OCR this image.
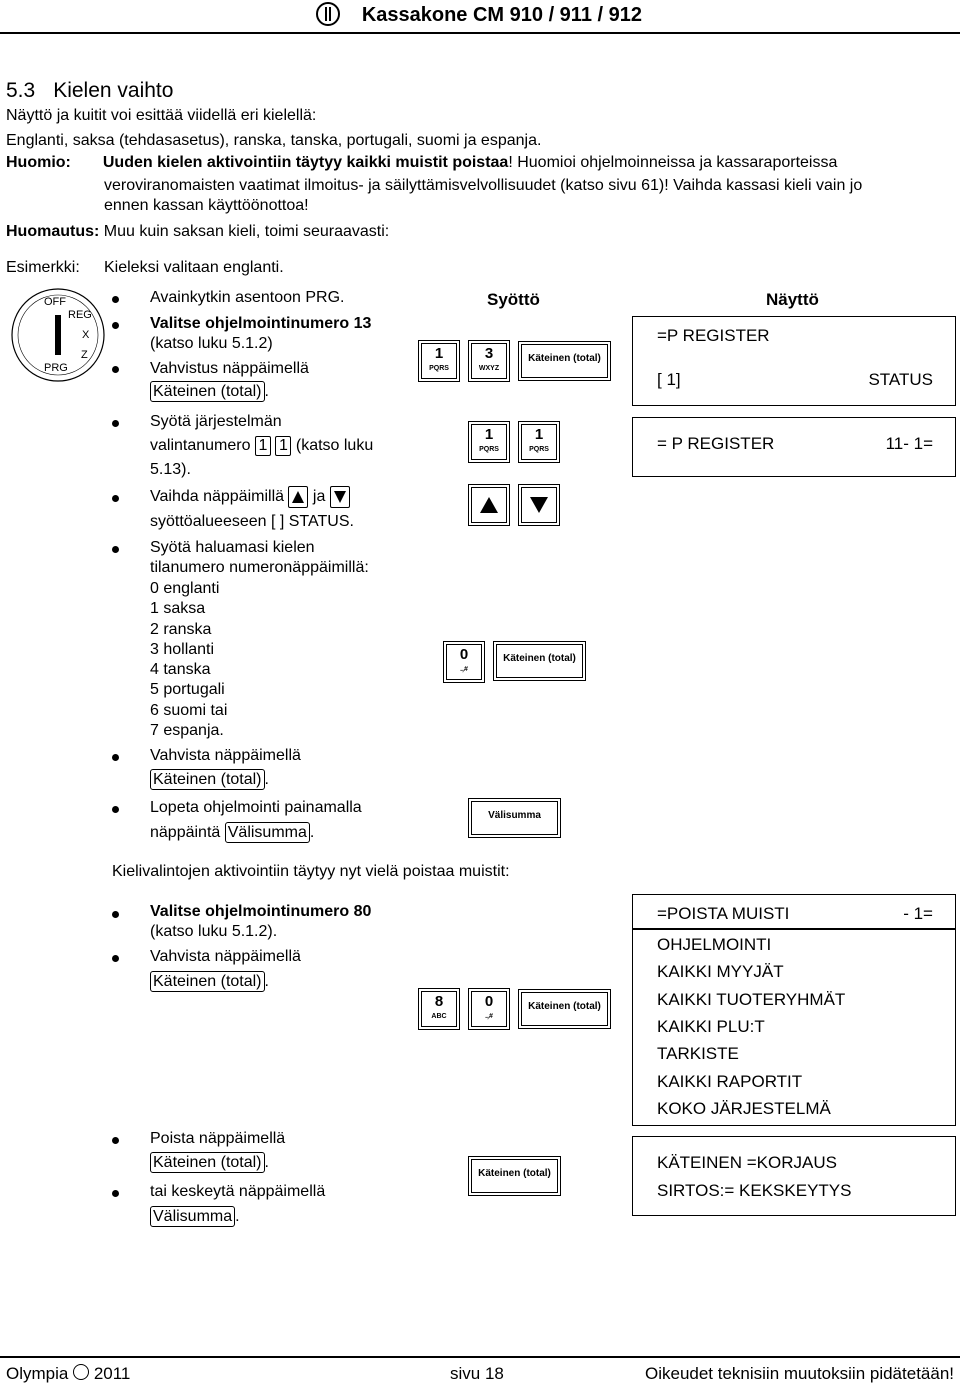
Kassakone CM 910 / 911 / 912
5.3 Kielen vaihto
Näyttö ja kuitit voi esittää viidellä eri kielellä:
Englanti, saksa (tehdasasetus), ranska, tanska, portugali, suomi ja espanja.
Huomio: Uuden kielen aktivointiin täytyy kaikki muistit poistaa! Huomioi ohjelmoinneissa ja kassaraporteissa
veroviranomaisten vaatimat ilmoitus- ja säilyttämisvelvollisuudet (katso sivu 61)! Vaihda kassasi kieli vain jo
ennen kassan käyttöönottoa!
Huomautus: Muu kuin saksan kieli, toimi seuraavasti:
Esimerkki: Kieleksi valitaan englanti.
OFF
REG
X
Z
PRG
Syöttö	Näyttö
Avainkytkin asentoon PRG.
Valitse ohjelmointinumero 13
(katso luku 5.1.2)
Vahvistus näppäimellä
Käteinen (total) .
Syötä järjestelmän
valintanumero 1 1 (katso luku
5.13).
Vaihda näppäimillä ja
syöttöalueeseen [ ] STATUS.
Syötä haluamasi kielen
tilanumero numeronäppäimillä:
0 englanti
1 saksa
2 ranska
3 hollanti
4 tanska
5 portugali
6 suomi tai
7 espanja.
Vahvista näppäimellä
Käteinen (total) .
Lopeta ohjelmointi painamalla
näppäintä Välisumma .
1
PQRS
3
WXYZ
Käteinen (total)
1
PQRS
1
PQRS
0
.,#
Käteinen (total)
Välisumma
=P REGISTER
[ 1]	STATUS
= P REGISTER	11- 1=
Kielivalintojen aktivointiin täytyy nyt vielä poistaa muistit:
Valitse ohjelmointinumero 80
(katso luku 5.1.2).
Vahvista näppäimellä
Käteinen (total) .
Poista näppäimellä
Käteinen (total) .
tai keskeytä näppäimellä
Välisumma .
8
ABC
0
.,#
Käteinen (total)
Käteinen (total)
=POISTA MUISTI	- 1=
OHJELMOINTI
KAIKKI MYYJÄT
KAIKKI TUOTERYHMÄT
KAIKKI PLU:T
TARKISTE
KAIKKI RAPORTIT
KOKO JÄRJESTELMÄ
KÄTEINEN =KORJAUS
SIRTOS:= KEKSKEYTYS
Olympia 2011	sivu 18	Oikeudet teknisiin muutoksiin pidätetään!
